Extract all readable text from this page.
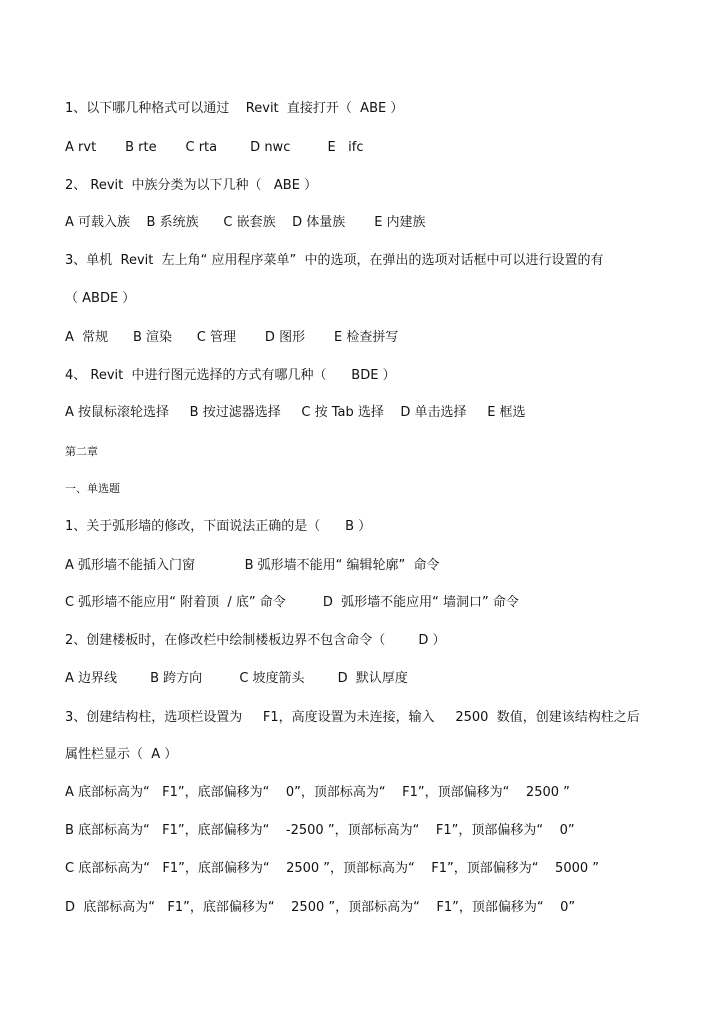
1、以下哪几种格式可以通过    Revit  直接打开（  ABE ）
A rvt       B rte       C rta        D nwc         E   ifc
2、 Revit  中族分类为以下几种（   ABE ）
A 可载入族    B 系统族      C 嵌套族    D 体量族       E 内建族
3、单机  Revit  左上角“ 应用程序菜单”  中的选项，在弹出的选项对话框中可以进行设置的有
（ ABDE ）
A  常规      B 渲染      C 管理       D 图形       E 检查拼写
4、 Revit  中进行图元选择的方式有哪几种（      BDE ）
A 按鼠标滚轮选择     B 按过滤器选择     C 按 Tab 选择    D 单击选择     E 框选
第二章
一、单选题
1、关于弧形墙的修改，下面说法正确的是（      B ）
A 弧形墙不能插入门窗            B 弧形墙不能用“ 编辑轮廓”  命令
C 弧形墙不能应用“ 附着顶  / 底” 命令         D  弧形墙不能应用“ 墙洞口” 命令
2、创建楼板时，在修改栏中绘制楼板边界不包含命令（        D ）
A 边界线        B 跨方向         C 坡度箭头        D  默认厚度
3、创建结构柱，选项栏设置为     F1，高度设置为未连接，输入     2500  数值，创建该结构柱之后
属性栏显示（  A ）
A 底部标高为“   F1”，底部偏移为“    0”，顶部标高为“    F1”，顶部偏移为“    2500 ”
B 底部标高为“   F1”，底部偏移为“    -2500 ”，顶部标高为“    F1”，顶部偏移为“    0”
C 底部标高为“   F1”，底部偏移为“    2500 ”，顶部标高为“    F1”，顶部偏移为“    5000 ”
D  底部标高为“   F1”，底部偏移为“    2500 ”，顶部标高为“    F1”，顶部偏移为“    0”
